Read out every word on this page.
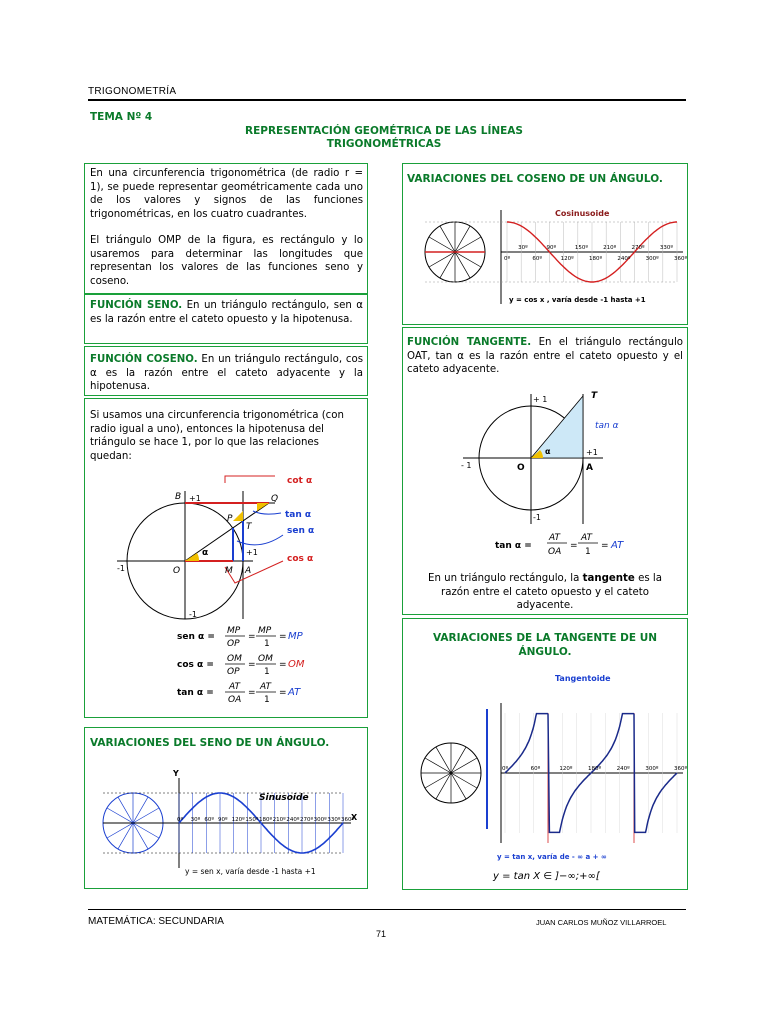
TRIGONOMETRÍA
TEMA Nº 4
REPRESENTACIÓN GEOMÉTRICA DE LAS LÍNEAS
TRIGONOMÉTRICAS
En una circunferencia trigonométrica (de radio r = 1), se puede representar geométricamente cada uno de los valores y signos de las funciones trigonométricas, en los cuatro cuadrantes.
El triángulo OMP de la figura, es rectángulo y lo usaremos para determinar las longitudes que representan los valores de las funciones seno y coseno.
FUNCIÓN SENO. En un triángulo rectángulo, sen α es la razón entre el cateto opuesto y la hipotenusa.
FUNCIÓN COSENO. En un triángulo rectángulo, cos α es la razón entre el cateto adyacente y la hipotenusa.
Si usamos una circunferencia trigonométrica (con radio igual a uno), entonces la hipotenusa del triángulo se hace 1, por lo que las relaciones quedan:
cot α
tan α
sen α
cos α
B +1	Q
P
T
+1
M A
O
-1
-1
α
sen α =
MP
OP
=
MP
1
= MP
cos α =
OM
OP
=
OM
1
= OM
tan α =
AT
OA
=
AT
1
= AT
VARIACIONES DEL SENO DE UN ÁNGULO.
0º 30º 60º 90º 120º 150º 180º 210º 240º 270º 300º 330º 360º
Y
X
Sinusoide
y = sen x, varía desde -1 hasta +1
VARIACIONES DEL COSENO DE UN ÁNGULO.
0º
30º
60º
90º
120º
150º
180º
210º
240º
270º
300º
330º
360º
Cosinusoide
y = cos x , varía desde -1 hasta +1
FUNCIÓN TANGENTE. En el triángulo rectángulo OAT, tan α es la razón entre el cateto opuesto y el cateto adyacente.
T
tan α
+ 1
+1
- 1
-1
O	A
α
tan α =
AT
OA
=
AT
1
= AT
En un triángulo rectángulo, la tangente es la razón entre el cateto opuesto y el cateto adyacente.
VARIACIONES DE LA TANGENTE DE UN
ÁNGULO.
Tangentoide
0º	60º	120º	180º	240º	300º	360º
y = tan x, varía de - ∞ a + ∞
y = tan X ∈ ]−∞;+∞[
MATEMÁTICA: SECUNDARIA	JUAN CARLOS MUÑOZ VILLARROEL
71
